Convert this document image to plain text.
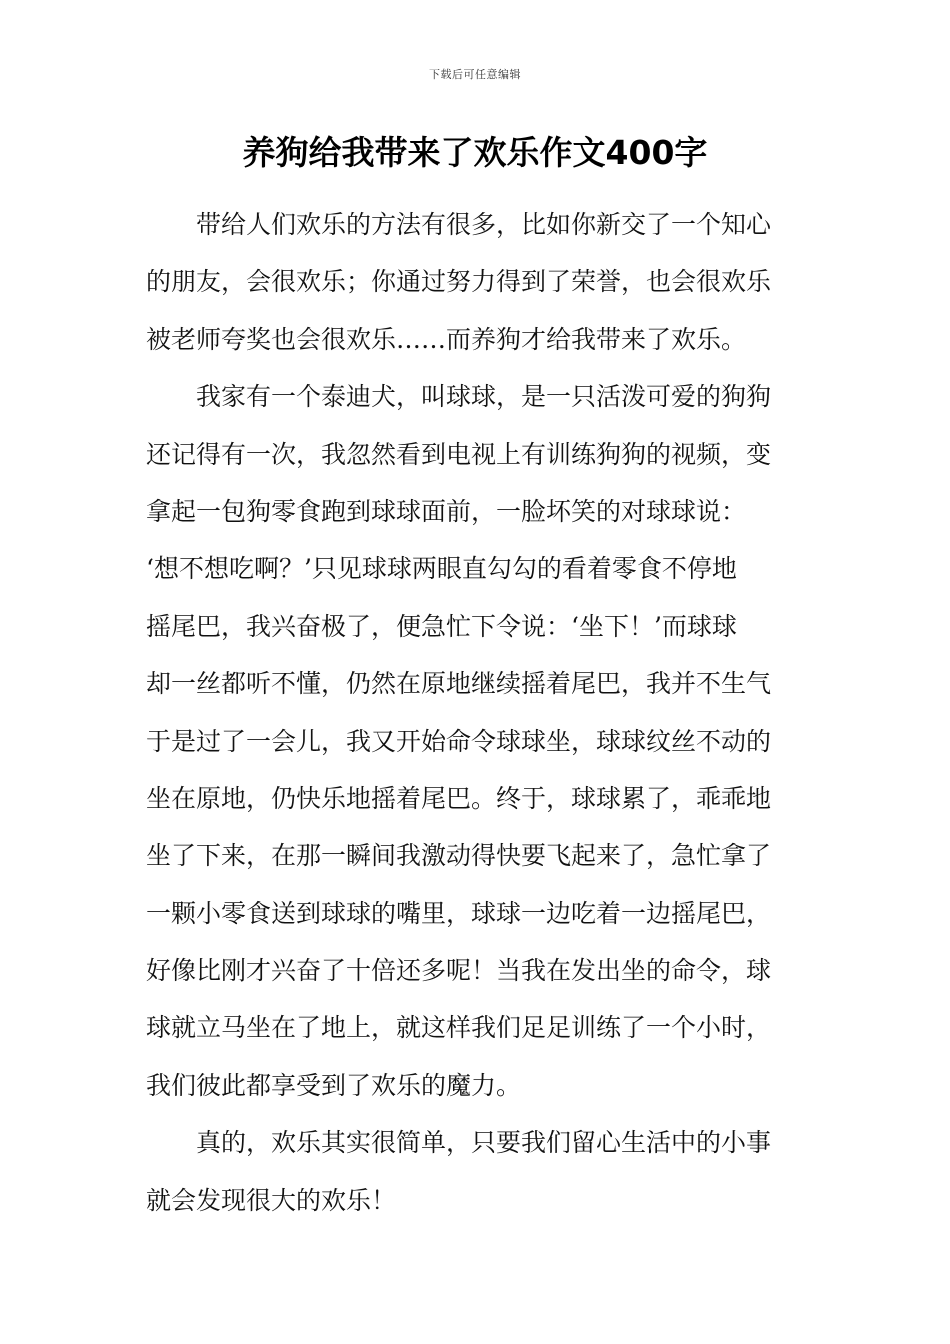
下载后可任意编辑
养狗给我带来了欢乐作文400字
带给人们欢乐的方法有很多，比如你新交了一个知心
的朋友，会很欢乐；你通过努力得到了荣誉，也会很欢乐
被老师夸奖也会很欢乐……而养狗才给我带来了欢乐。
我家有一个泰迪犬，叫球球，是一只活泼可爱的狗狗
还记得有一次，我忽然看到电视上有训练狗狗的视频，变
拿起一包狗零食跑到球球面前，一脸坏笑的对球球说：
‘想不想吃啊？’只见球球两眼直勾勾的看着零食不停地
摇尾巴，我兴奋极了，便急忙下令说：‘坐下！’而球球
却一丝都听不懂，仍然在原地继续摇着尾巴，我并不生气
于是过了一会儿，我又开始命令球球坐，球球纹丝不动的
坐在原地，仍快乐地摇着尾巴。终于，球球累了，乖乖地
坐了下来，在那一瞬间我激动得快要飞起来了，急忙拿了
一颗小零食送到球球的嘴里，球球一边吃着一边摇尾巴，
好像比刚才兴奋了十倍还多呢！当我在发出坐的命令，球
球就立马坐在了地上，就这样我们足足训练了一个小时，
我们彼此都享受到了欢乐的魔力。
真的，欢乐其实很简单，只要我们留心生活中的小事
就会发现很大的欢乐！
